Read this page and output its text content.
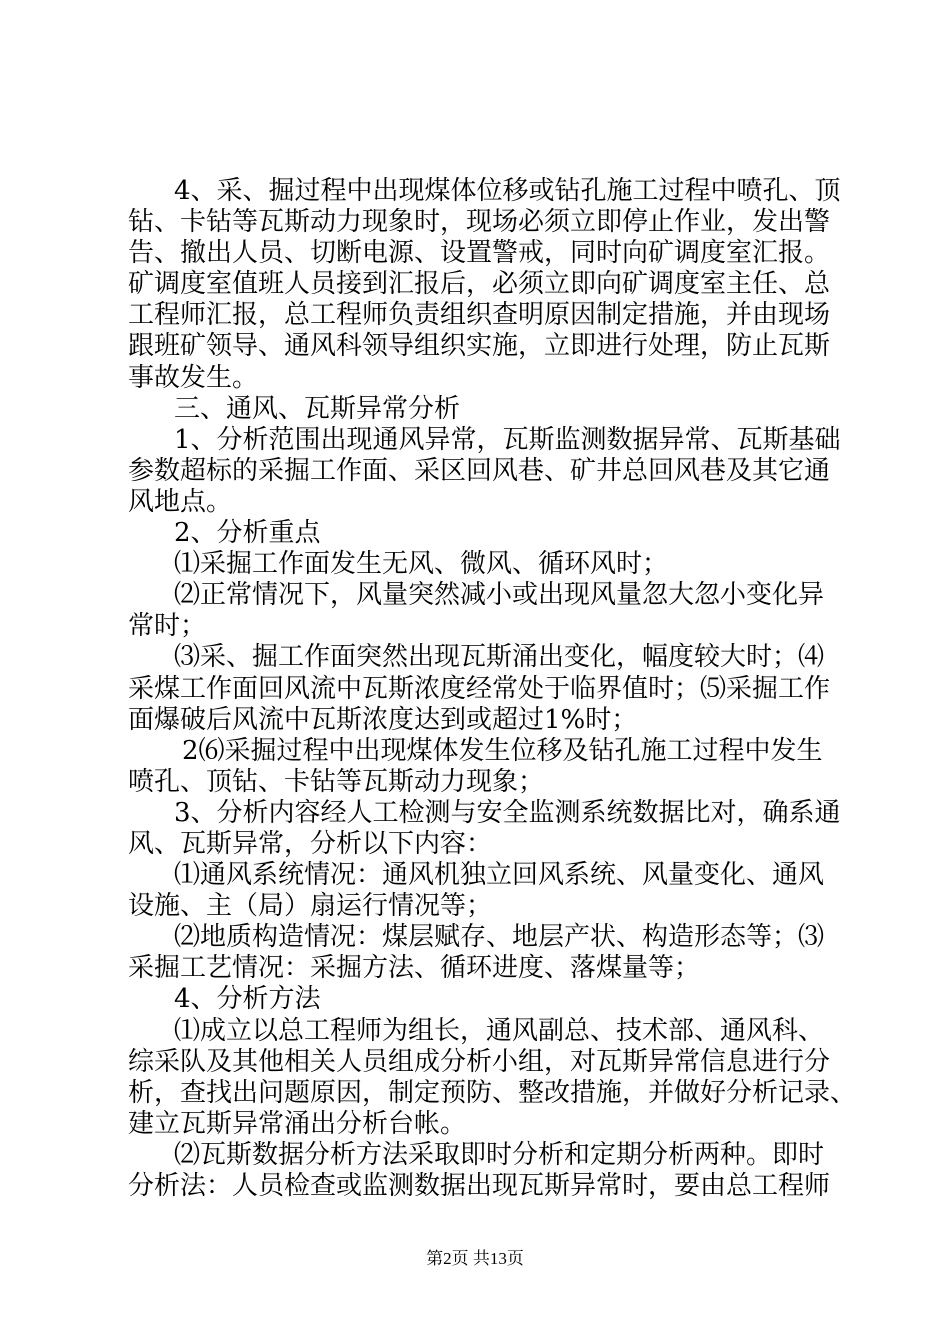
4、采、掘过程中出现煤体位移或钻孔施工过程中喷孔、顶
钻、卡钻等瓦斯动力现象时，现场必须立即停止作业，发出警
告、撤出人员、切断电源、设置警戒，同时向矿调度室汇报。
矿调度室值班人员接到汇报后，必须立即向矿调度室主任、总
工程师汇报，总工程师负责组织查明原因制定措施，并由现场
跟班矿领导、通风科领导组织实施，立即进行处理，防止瓦斯
事故发生。
三、通风、瓦斯异常分析
1、分析范围出现通风异常，瓦斯监测数据异常、瓦斯基础
参数超标的采掘工作面、采区回风巷、矿井总回风巷及其它通
风地点。
2、分析重点
⑴采掘工作面发生无风、微风、循环风时；
⑵正常情况下，风量突然减小或出现风量忽大忽小变化异
常时；
⑶采、掘工作面突然出现瓦斯涌出变化，幅度较大时；⑷
采煤工作面回风流中瓦斯浓度经常处于临界值时；⑸采掘工作
面爆破后风流中瓦斯浓度达到或超过1%时；
2⑹采掘过程中出现煤体发生位移及钻孔施工过程中发生
喷孔、顶钻、卡钻等瓦斯动力现象；
3、分析内容经人工检测与安全监测系统数据比对，确系通
风、瓦斯异常，分析以下内容：
⑴通风系统情况：通风机独立回风系统、风量变化、通风
设施、主（局）扇运行情况等；
⑵地质构造情况：煤层赋存、地层产状、构造形态等；⑶
采掘工艺情况：采掘方法、循环进度、落煤量等；
4、分析方法
⑴成立以总工程师为组长，通风副总、技术部、通风科、
综采队及其他相关人员组成分析小组，对瓦斯异常信息进行分
析，查找出问题原因，制定预防、整改措施，并做好分析记录、
建立瓦斯异常涌出分析台帐。
⑵瓦斯数据分析方法采取即时分析和定期分析两种。即时
分析法：人员检查或监测数据出现瓦斯异常时，要由总工程师
第2页 共13页
